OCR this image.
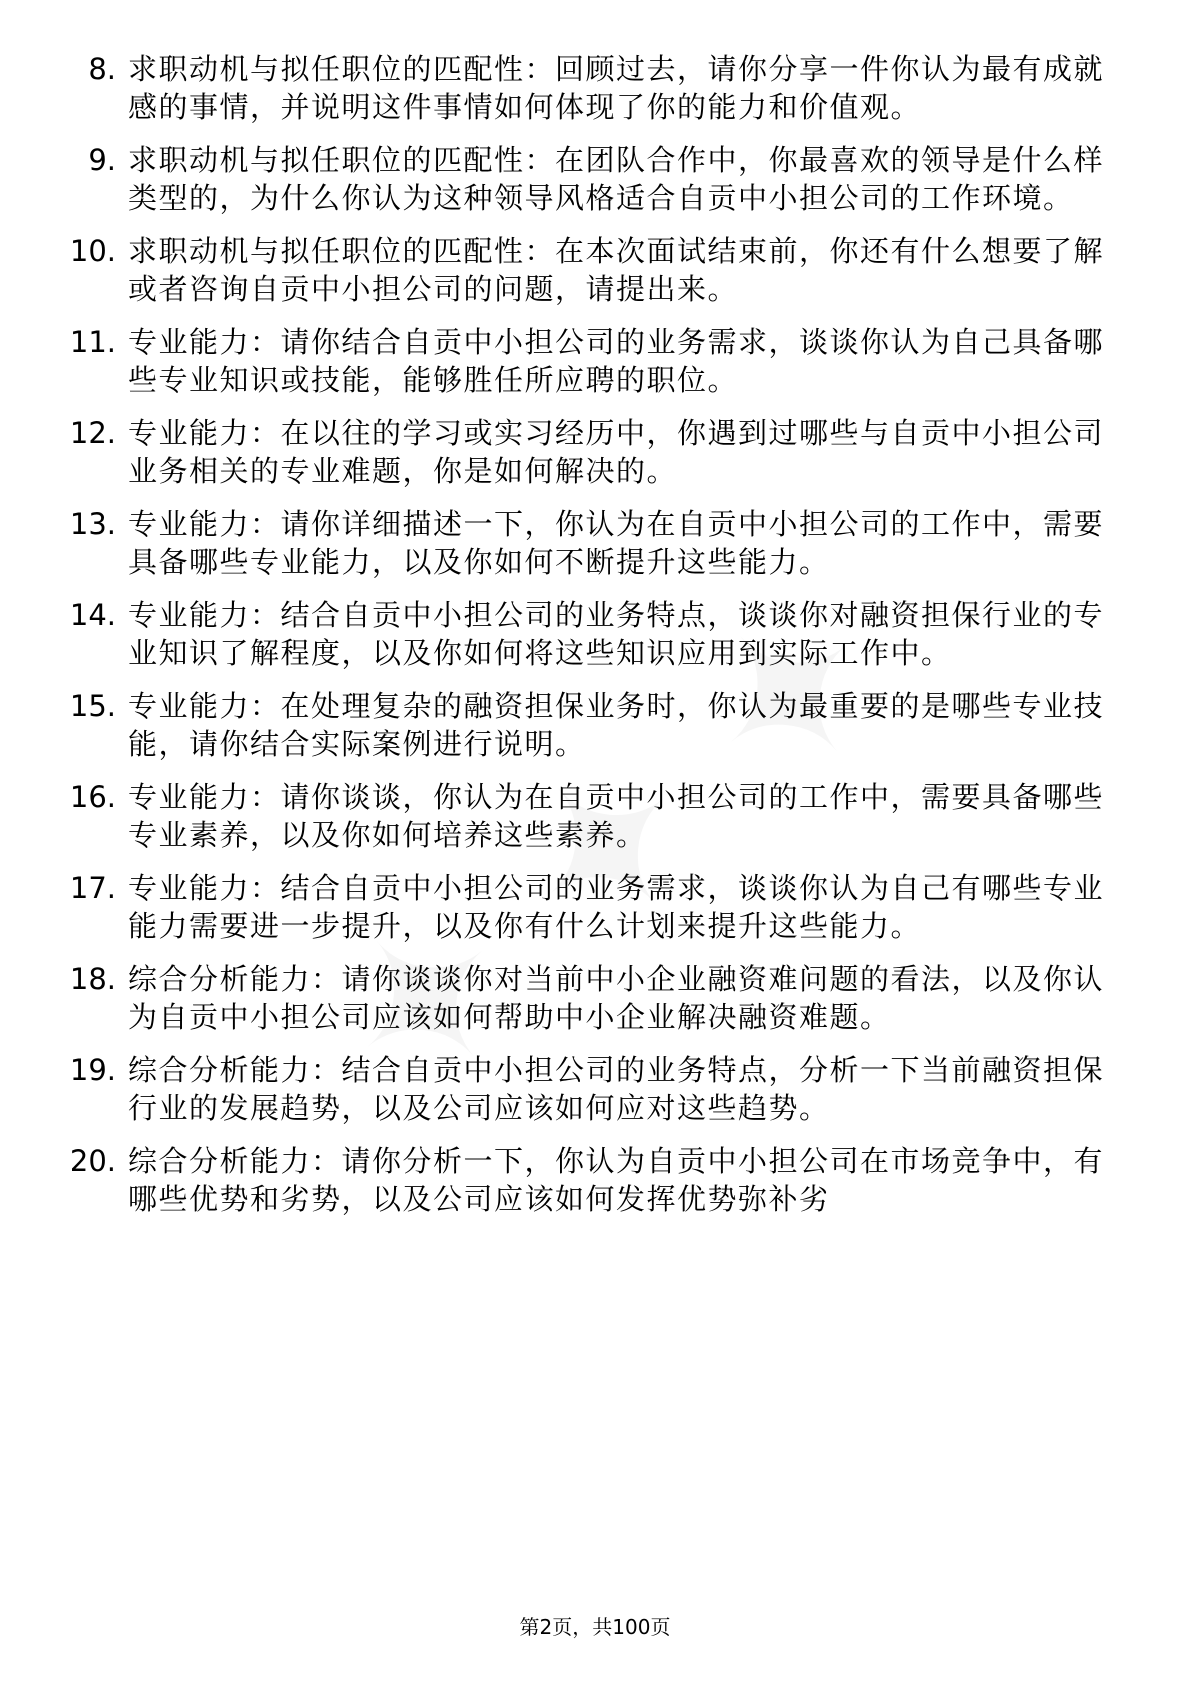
8. 求职动机与拟任职位的匹配性：回顾过去，请你分享一件你认为最有成就感的事情，并说明这件事情如何体现了你的能力和价值观。
9. 求职动机与拟任职位的匹配性：在团队合作中，你最喜欢的领导是什么样类型的，为什么你认为这种领导风格适合自贡中小担公司的工作环境。
10. 求职动机与拟任职位的匹配性：在本次面试结束前，你还有什么想要了解或者咨询自贡中小担公司的问题，请提出来。
11. 专业能力：请你结合自贡中小担公司的业务需求，谈谈你认为自己具备哪些专业知识或技能，能够胜任所应聘的职位。
12. 专业能力：在以往的学习或实习经历中，你遇到过哪些与自贡中小担公司业务相关的专业难题，你是如何解决的。
13. 专业能力：请你详细描述一下，你认为在自贡中小担公司的工作中，需要具备哪些专业能力，以及你如何不断提升这些能力。
14. 专业能力：结合自贡中小担公司的业务特点，谈谈你对融资担保行业的专业知识了解程度，以及你如何将这些知识应用到实际工作中。
15. 专业能力：在处理复杂的融资担保业务时，你认为最重要的是哪些专业技能，请你结合实际案例进行说明。
16. 专业能力：请你谈谈，你认为在自贡中小担公司的工作中，需要具备哪些专业素养，以及你如何培养这些素养。
17. 专业能力：结合自贡中小担公司的业务需求，谈谈你认为自己有哪些专业能力需要进一步提升，以及你有什么计划来提升这些能力。
18. 综合分析能力：请你谈谈你对当前中小企业融资难问题的看法，以及你认为自贡中小担公司应该如何帮助中小企业解决融资难题。
19. 综合分析能力：结合自贡中小担公司的业务特点，分析一下当前融资担保行业的发展趋势，以及公司应该如何应对这些趋势。
20. 综合分析能力：请你分析一下，你认为自贡中小担公司在市场竞争中，有哪些优势和劣势，以及公司应该如何发挥优势弥补劣
第2页，共100页
